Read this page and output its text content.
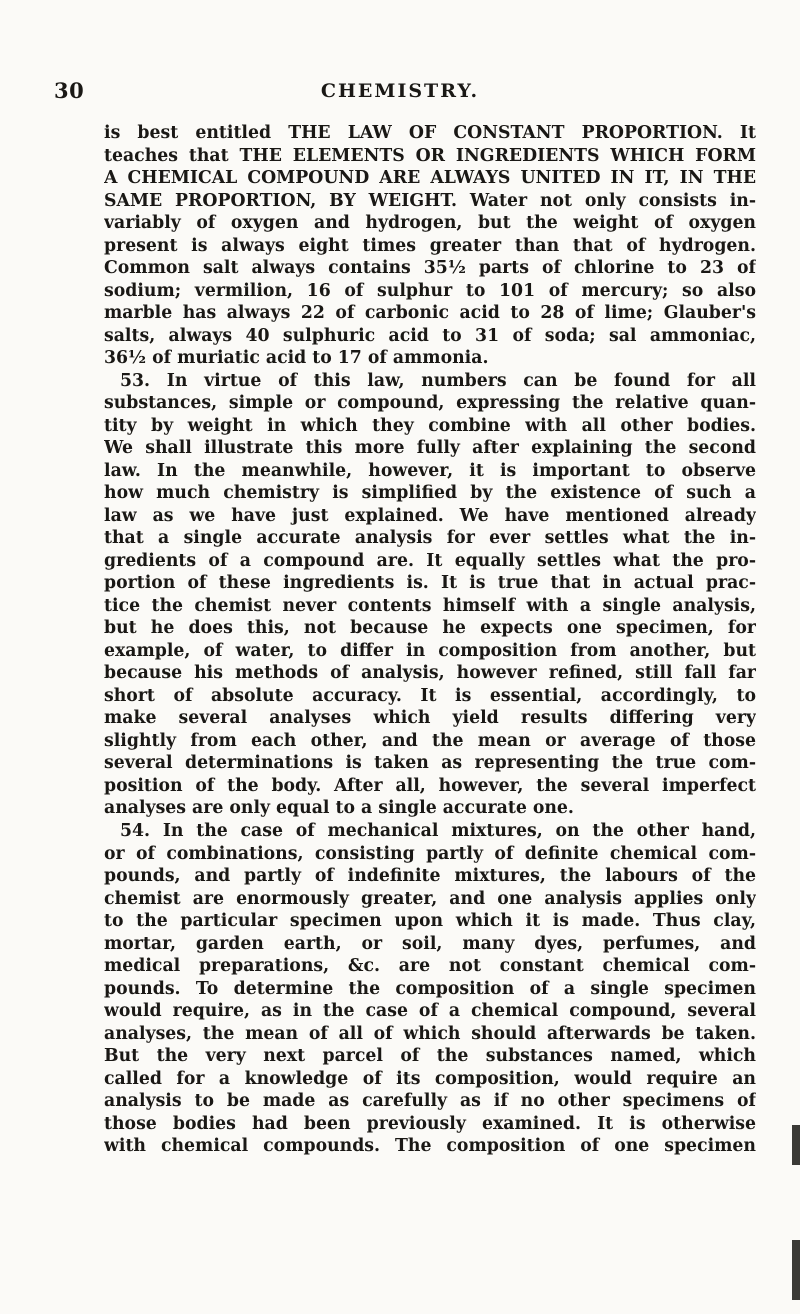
30	CHEMISTRY.
is best entitled THE LAW OF CONSTANT PROPORTION. It
teaches that THE ELEMENTS OR INGREDIENTS WHICH FORM
A CHEMICAL COMPOUND ARE ALWAYS UNITED IN IT, IN THE
SAME PROPORTION, BY WEIGHT. Water not only consists in-
variably of oxygen and hydrogen, but the weight of oxygen
present is always eight times greater than that of hydrogen.
Common salt always contains 35½ parts of chlorine to 23 of
sodium; vermilion, 16 of sulphur to 101 of mercury; so also
marble has always 22 of carbonic acid to 28 of lime; Glauber's
salts, always 40 sulphuric acid to 31 of soda; sal ammoniac,
36½ of muriatic acid to 17 of ammonia.
53. In virtue of this law, numbers can be found for all
substances, simple or compound, expressing the relative quan-
tity by weight in which they combine with all other bodies.
We shall illustrate this more fully after explaining the second
law. In the meanwhile, however, it is important to observe
how much chemistry is simplified by the existence of such a
law as we have just explained. We have mentioned already
that a single accurate analysis for ever settles what the in-
gredients of a compound are. It equally settles what the pro-
portion of these ingredients is. It is true that in actual prac-
tice the chemist never contents himself with a single analysis,
but he does this, not because he expects one specimen, for
example, of water, to differ in composition from another, but
because his methods of analysis, however refined, still fall far
short of absolute accuracy. It is essential, accordingly, to
make several analyses which yield results differing very
slightly from each other, and the mean or average of those
several determinations is taken as representing the true com-
position of the body. After all, however, the several imperfect
analyses are only equal to a single accurate one.
54. In the case of mechanical mixtures, on the other hand,
or of combinations, consisting partly of definite chemical com-
pounds, and partly of indefinite mixtures, the labours of the
chemist are enormously greater, and one analysis applies only
to the particular specimen upon which it is made. Thus clay,
mortar, garden earth, or soil, many dyes, perfumes, and
medical preparations, &c. are not constant chemical com-
pounds. To determine the composition of a single specimen
would require, as in the case of a chemical compound, several
analyses, the mean of all of which should afterwards be taken.
But the very next parcel of the substances named, which
called for a knowledge of its composition, would require an
analysis to be made as carefully as if no other specimens of
those bodies had been previously examined. It is otherwise
with chemical compounds. The composition of one specimen
